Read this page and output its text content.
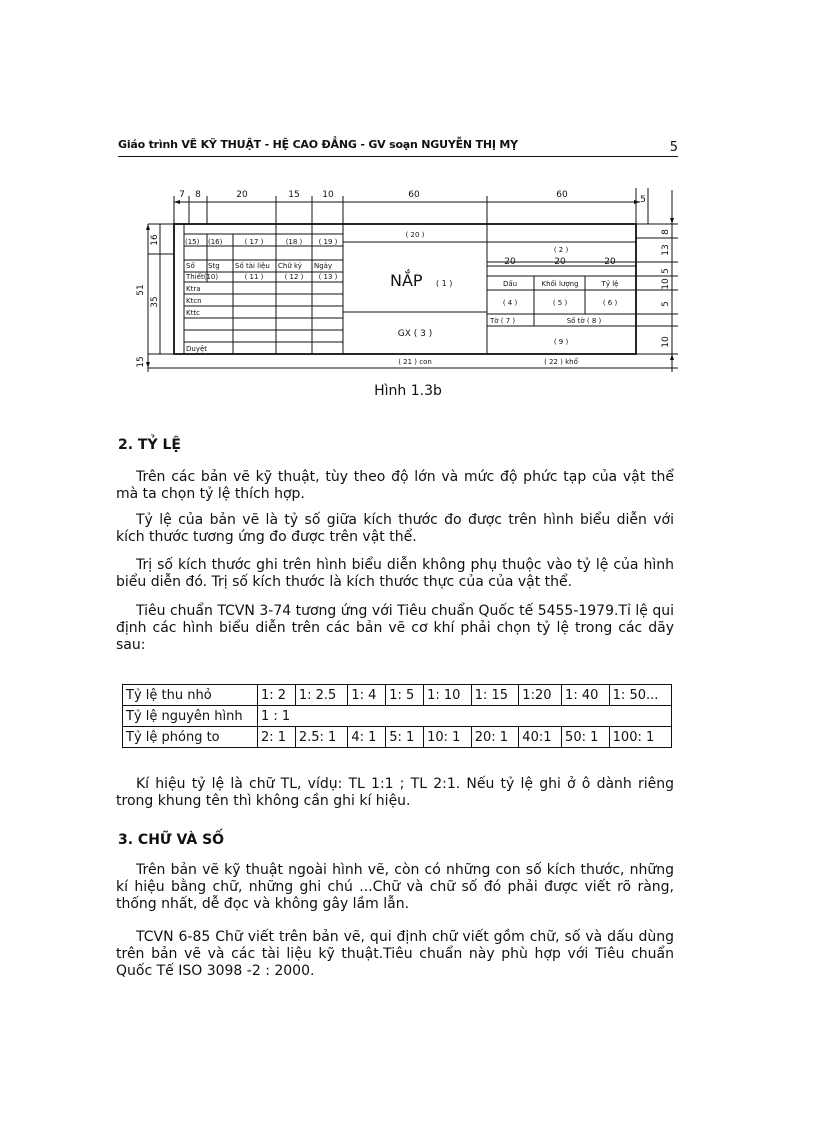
Giáo trình VẼ KỸ THUẬT - HỆ CAO ĐẲNG - GV soạn NGUYỄN THỊ MỴ	5
7 8	20	15	10	60	60	5
16
51
35
15
8
13
5
10
5
10
20	20	20
( 20 )
(15) (16)	( 17 )	(18 ) ( 19 )
Số Stg Số tài liệu Chữ ký Ngày
Thiết(10)	( 11 )	( 12 ) ( 13 )
Ktra
Ktcn
Kttc
Duyệt
NẮP ( 1 )
GX ( 3 )
( 2 )
Dấu	Khối lượng	Tỷ lệ
( 4 )	( 5 )	( 6 )
Tờ ( 7 )	Số tờ ( 8 )
( 9 )
( 21 ) con	( 22 ) khổ
Hình 1.3b
2. TỶ LỆ

Trên các bản vẽ kỹ thuật, tùy theo độ lớn và mức độ phức tạp của vật thể mà ta chọn tỷ lệ thích hợp.

Tỷ lệ của bản vẽ là tỷ số giữa kích thước đo được trên hình biểu diễn với kích thước tương ứng đo được trên vật thể.

Trị số kích thước ghi trên hình biểu diễn không phụ thuộc vào tỷ lệ của hình biểu diễn đó. Trị số kích thước là kích thước thực của của vật thể.

Tiêu chuẩn TCVN 3-74 tương ứng với Tiêu chuẩn Quốc tế 5455-1979.Tỉ lệ qui định các hình biểu diễn trên các bản vẽ cơ khí phải chọn tỷ lệ trong các dãy sau:

Tỷ lệ thu nhỏ	1: 2	1: 2.5	1: 4	1: 5	1: 10	1: 15	1:20	1: 40	1: 50...
Tỷ lệ nguyên hình	1 : 1								
Tỷ lệ phóng to	2: 1	2.5: 1	4: 1	5: 1	10: 1	20: 1	40:1	50: 1	100: 1

Kí hiệu tỷ lệ là chữ TL, vídụ: TL 1:1 ; TL 2:1. Nếu tỷ lệ ghi ở ô dành riêng trong khung tên thì không cần ghi kí hiệu.

3. CHỮ VÀ SỐ

Trên bản vẽ kỹ thuật ngoài hình vẽ, còn có những con số kích thước, những kí hiệu bằng chữ, những ghi chú ...Chữ và chữ số đó phải được viết rõ ràng, thống nhất, dễ đọc và không gây lầm lẫn.

TCVN 6-85 Chữ viết trên bản vẽ, qui định chữ viết gồm chữ, số và dấu dùng trên bản vẽ và các tài liệu kỹ thuật.Tiêu chuẩn này phù hợp với Tiêu chuẩn Quốc Tế ISO 3098 -2 : 2000.
